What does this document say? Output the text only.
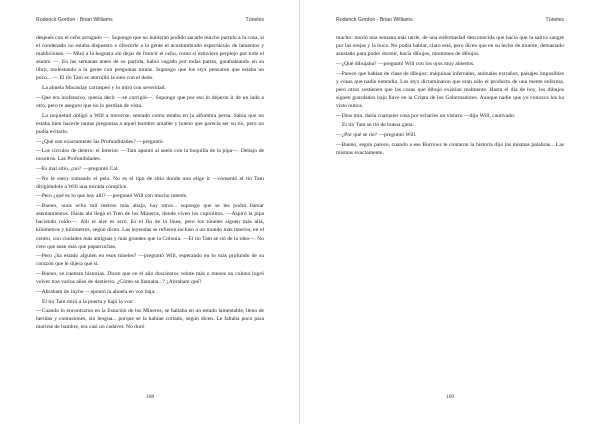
Roderick Gordon · Brian Williams	Túneles

después con el ceño arrugado —. Supongo que no hubieran podido sacarle mucho partido a la cosa, si el condenado no estaba dispuesto a ofrecerle a la gente el acostumbrado espectáculo de lamentos y maldiciones. — Miró a la hoguera sin dejar de fruncir el ceño, como si estuviera perplejo por todo el asunto —. En las semanas antes de su partida, había vagado por todas partes, garabateando en su libro, molestando a la gente con preguntas tontas. Supongo que los styx pensaron que estaba un poco... — El tío Tam se atornilló la sien con el dedo.

La abuela Macaulay carraspeó y lo miró con severidad.

—Que era inofensivo, quería decir —se corrigió—. Supongo que por eso lo dejaron ir de un lado a otro, pero te aseguro que no lo perdían de vista.

La inquietud obligó a Will a moverse, sentado como estaba en la alfombra persa. Sabía que no estaba bien hacerle tantas preguntas a aquel hombre amable y bueno que parecía ser su tío, pero no podía evitarlo.

—¿Qué son exactamente las Profundidades? —preguntó.

—Los círculos de dentro: el Interior. —Tam apuntó al suelo con la boquilla de la pipa—. Debajo de nosotros. Las Profundidades.

—Es mal sitio, ¿no? —preguntó Cal.

—No te estoy tomando el pelo. No es el tipo de sitio donde uno elige ir —comentó el tío Tam dirigiéndole a Will una mirada cómplice.

—Pero ¿qué es lo que hay allí? —preguntó Will con mucho interés.

—Bueno, unos ocho mil metros más abajo, hay otros... supongo que se les podrá llamar asentamientos. Hasta ahí llega el Tren de los Mineros, donde viven los coprolitos. —Aspiró la pipa haciendo ruido—. Allí el aire es acre. Es el fin de la línea, pero los túneles siguen más allá, kilómetros y kilómetros, según dicen. Las leyendas se refieren incluso a un mundo más interior, en el centro, con ciudades más antiguas y más grandes que la Colonia. —El tío Tam se rió de la idea—. No creo que sean más que paparruchas.

—Pero ¿ha estado alguien en esos túneles? —preguntó Will, esperando en lo más profundo de su corazón que le dijera que sí.

—Bueno, se cuentan historias. Dicen que en el año doscientos veinte más o menos un colono logró volver tras varios años de destierro. ¿Cómo se llamaba...? ¿Abraham qué?

—Abraham de Jaybo —apuntó la abuela en voz baja.

El tío Tam miró a la puerta y bajó la voz:

—Cuando lo encontraron en la Estación de los Mineros, se hallaba en un estado lamentable, lleno de heridas y contusiones, sin lengua... porque se la habían cortado, según dicen. Le faltaba poco para morirse de hambre, era casi un cadáver. No duró

168
Roderick Gordon · Brian Williams	Túneles

mucho: murió una semana más tarde, de una enfermedad desconocida que hacía que la saliva sangre por las orejas y la boca. No podía hablar, claro está, pero dicen que en su lecho de muerte, demasiado asustado para poder dormir, hacía dibujos, montones de dibujos.

—¿Qué dibujaba? —preguntó Will con los ojos muy abiertos.

—Parece que habían de clase de dibujos: máquinas infernales, animales extraños, paisajes imposibles y cosas que nadie entendía. Los styx dictaminaron que eran sólo el producto de una mente enferma, pero otros sostienen que las cosas que dibujó existían realmente. Hasta el día de hoy, los dibujos siguen guardados bajo llave en la Cripta de los Gobernadores. Aunque nadie que yo conozca los ha visto nunca.

—Dios mío, daría cualquier cosa por echarles un vistazo —dijo Will, cautivado.

El tío Tam se rió de buena gana.

—¿Por qué se ríe? —preguntó Will.

—Bueno, según parece, cuando a ese Burrows le contaron la historia dijo las mismas palabras... Las mismas exactamente.

169
